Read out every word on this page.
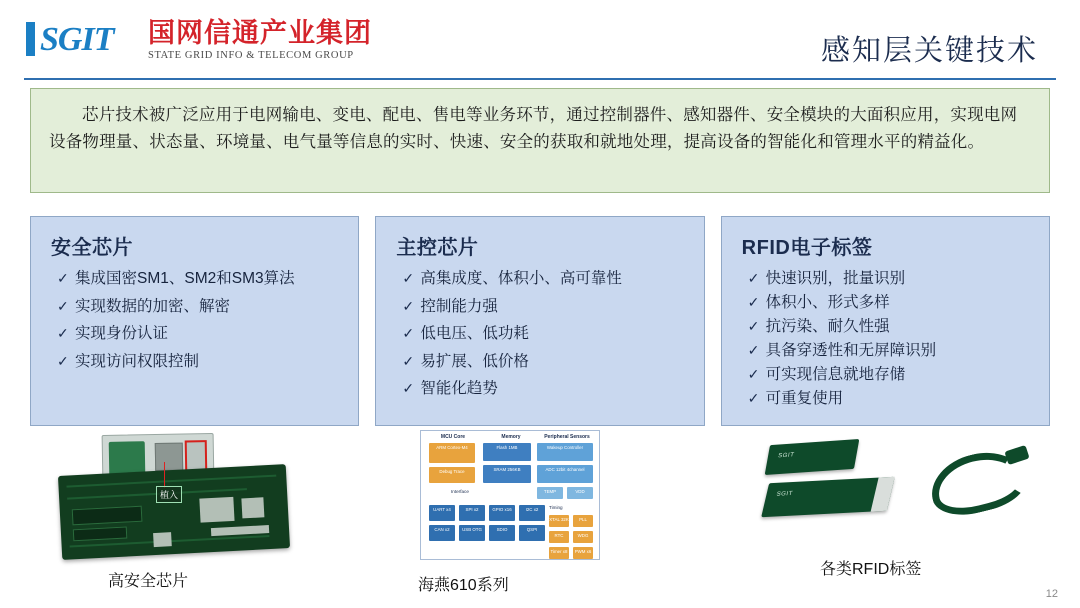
SGIT 国网信通产业集团
STATE GRID INFO & TELECOM GROUP	感知层关键技术

芯片技术被广泛应用于电网输电、变电、配电、售电等业务环节，通过控制器件、感知器件、安全模块的大面积应用，实现电网设备物理量、状态量、环境量、电气量等信息的实时、快速、安全的获取和就地处理，提高设备的智能化和管理水平的精益化。

安全芯片
✓ 集成国密SM1、SM2和SM3算法
✓ 实现数据的加密、解密
✓ 实现身份认证
✓ 实现访问权限控制
主控芯片
✓ 高集成度、体积小、高可靠性
✓ 控制能力强
✓ 低电压、低功耗
✓ 易扩展、低价格
✓ 智能化趋势
RFID电子标签
✓ 快速识别，批量识别
✓ 体积小、形式多样
✓ 抗污染、耐久性强
✓ 具备穿透性和无屏障识别
✓ 可实现信息就地存储
✓ 可重复使用
植入
高安全芯片
MCU Core	Memory	Peripheral Sensors
ARM Cortex-M4
Debug Trace
Flash 1MB
SRAM 256KB
Wakeup Controller
ADC 12bit 4channel
TEMP	VDD
Interface
Timing
UART x4	SPI x2	GPIO x16	I2C x2
CAN x2	USB OTG	SDIO	QSPI
XTAL 32K	PLL
RTC	WDG
Timer x8	PWM x6
海燕610系列
SGIT
SGIT
各类RFID标签
12
